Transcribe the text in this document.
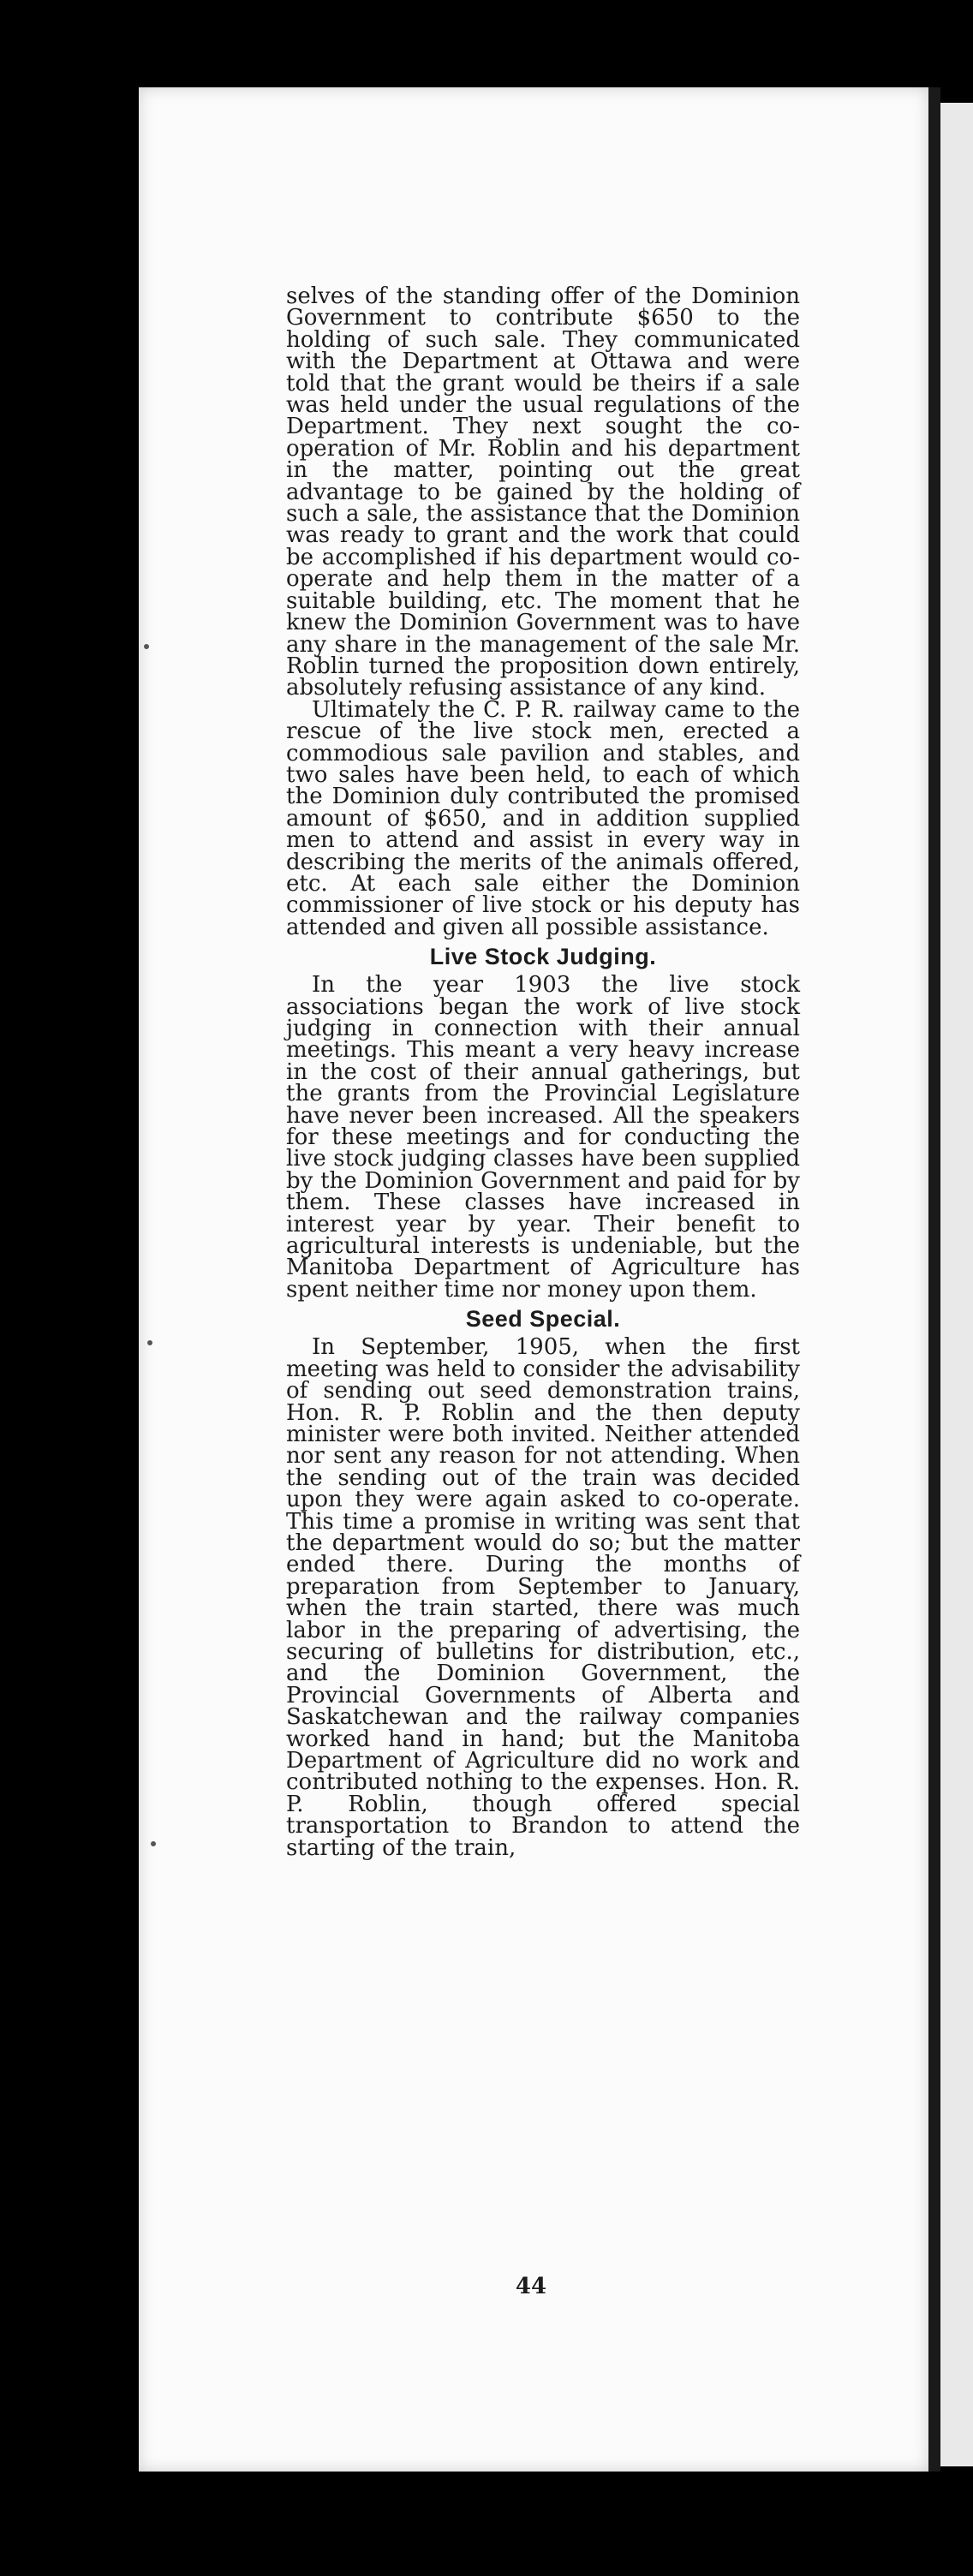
selves of the standing offer of the Dominion Government to contribute $650 to the holding of such sale. They communicated with the Department at Ottawa and were told that the grant would be theirs if a sale was held under the usual regulations of the Department. They next sought the co-operation of Mr. Roblin and his department in the matter, pointing out the great advantage to be gained by the holding of such a sale, the assistance that the Dominion was ready to grant and the work that could be accomplished if his department would co-operate and help them in the matter of a suitable building, etc. The moment that he knew the Dominion Government was to have any share in the management of the sale Mr. Roblin turned the proposition down entirely, absolutely refusing assistance of any kind.

Ultimately the C. P. R. railway came to the rescue of the live stock men, erected a commodious sale pavilion and stables, and two sales have been held, to each of which the Dominion duly contributed the promised amount of $650, and in addition supplied men to attend and assist in every way in describing the merits of the animals offered, etc. At each sale either the Dominion commissioner of live stock or his deputy has attended and given all possible assistance.

Live Stock Judging.

In the year 1903 the live stock associations began the work of live stock judging in connection with their annual meetings. This meant a very heavy increase in the cost of their annual gatherings, but the grants from the Provincial Legislature have never been increased. All the speakers for these meetings and for conducting the live stock judging classes have been supplied by the Dominion Government and paid for by them. These classes have increased in interest year by year. Their benefit to agricultural interests is undeniable, but the Manitoba Department of Agriculture has spent neither time nor money upon them.

Seed Special.

In September, 1905, when the first meeting was held to consider the advisability of sending out seed demonstration trains, Hon. R. P. Roblin and the then deputy minister were both invited. Neither attended nor sent any reason for not attending. When the sending out of the train was decided upon they were again asked to co-operate. This time a promise in writing was sent that the department would do so; but the matter ended there. During the months of preparation from September to January, when the train started, there was much labor in the preparing of advertising, the securing of bulletins for distribution, etc., and the Dominion Government, the Provincial Governments of Alberta and Saskatchewan and the railway companies worked hand in hand; but the Manitoba Department of Agriculture did no work and contributed nothing to the expenses. Hon. R. P. Roblin, though offered special transportation to Brandon to attend the starting of the train,

44
